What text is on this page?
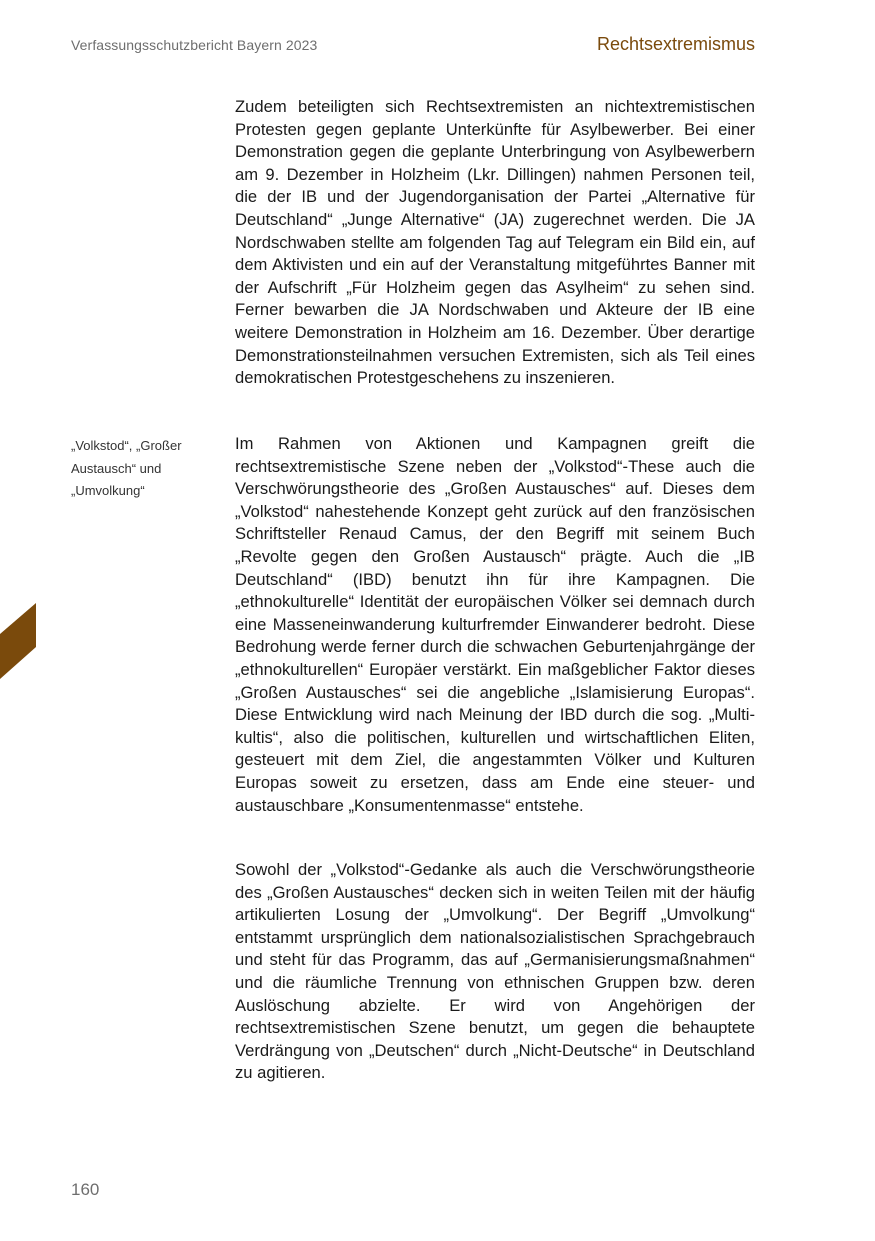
Verfassungsschutzbericht Bayern 2023	Rechtsextremismus
„Volkstod“, „Großer
Austausch“ und
„Umvolkung“

Zudem beteiligten sich Rechtsextremisten an nichtextremistischen Protesten gegen geplante Unterkünfte für Asylbewerber. Bei einer Demonstration gegen die geplante Unterbringung von Asylbewerbern am 9. Dezember in Holzheim (Lkr. Dillingen) nahmen Personen teil, die der IB und der Jugendorganisation der Partei „Alternative für Deutschland“ „Junge Alternative“ (JA) zugerechnet werden. Die JA Nordschwaben stellte am folgenden Tag auf Telegram ein Bild ein, auf dem Aktivisten und ein auf der Veranstaltung mitgeführtes Banner mit der Aufschrift „Für Holzheim gegen das Asylheim“ zu sehen sind. Ferner bewarben die JA Nordschwaben und Akteure der IB eine weitere Demonstration in Holzheim am 16. Dezember. Über derartige Demonstrationsteilnahmen versuchen Extremisten, sich als Teil eines demokratischen Protestgeschehens zu inszenieren.

Im Rahmen von Aktionen und Kampagnen greift die rechtsextremistische Szene neben der „Volkstod“-These auch die Verschwörungstheorie des „Großen Austausches“ auf. Dieses dem „Volkstod“ nahestehende Konzept geht zurück auf den französischen Schriftsteller Renaud Camus, der den Begriff mit seinem Buch „Revolte gegen den Großen Austausch“ prägte. Auch die „IB Deutschland“ (IBD) benutzt ihn für ihre Kampagnen. Die „ethnokulturelle“ Identität der europäischen Völker sei demnach durch eine Masseneinwanderung kulturfremder Einwanderer bedroht. Diese Bedrohung werde ferner durch die schwachen Geburtenjahrgänge der „ethnokulturellen“ Europäer verstärkt. Ein maßgeblicher Faktor dieses „Großen Austausches“ sei die angebliche „Islamisierung Europas“. Diese Entwicklung wird nach Meinung der IBD durch die sog. „Multikultis“, also die politischen, kulturellen und wirtschaftlichen Eliten, gesteuert mit dem Ziel, die angestammten Völker und Kulturen Europas soweit zu ersetzen, dass am Ende eine steuer- und austauschbare „Konsumentenmasse“ entstehe.

Sowohl der „Volkstod“-Gedanke als auch die Verschwörungstheorie des „Großen Austausches“ decken sich in weiten Teilen mit der häufig artikulierten Losung der „Umvolkung“. Der Begriff „Umvolkung“ entstammt ursprünglich dem nationalsozialistischen Sprachgebrauch und steht für das Programm, das auf „Germanisierungsmaßnahmen“ und die räumliche Trennung von ethnischen Gruppen bzw. deren Auslöschung abzielte. Er wird von Angehörigen der rechtsextremistischen Szene benutzt, um gegen die behauptete Verdrängung von „Deutschen“ durch „Nicht-Deutsche“ in Deutschland zu agitieren.

160
